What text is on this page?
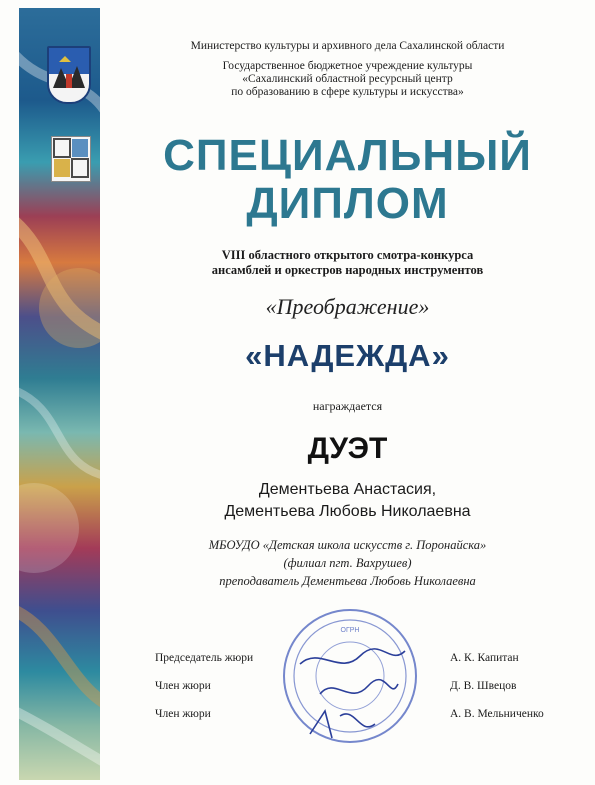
Министерство культуры и архивного дела Сахалинской области
Государственное бюджетное учреждение культуры
«Сахалинский областной ресурсный центр
по образованию в сфере культуры и искусства»
СПЕЦИАЛЬНЫЙ
ДИПЛОМ
VIII областного открытого смотра-конкурса
ансамблей и оркестров народных инструментов
«Преображение»
«НАДЕЖДА»
награждается
ДУЭТ
Дементьева Анастасия,
Дементьева Любовь Николаевна
МБОУДО «Детская школа искусств г. Поронайска»
(филиал пгт. Вахрушев)
преподаватель Дементьева Любовь Николаевна
ОГРН
Председатель жюри	А. К. Капитан
Член жюри	Д. В. Швецов
Член жюри	А. В. Мельниченко
